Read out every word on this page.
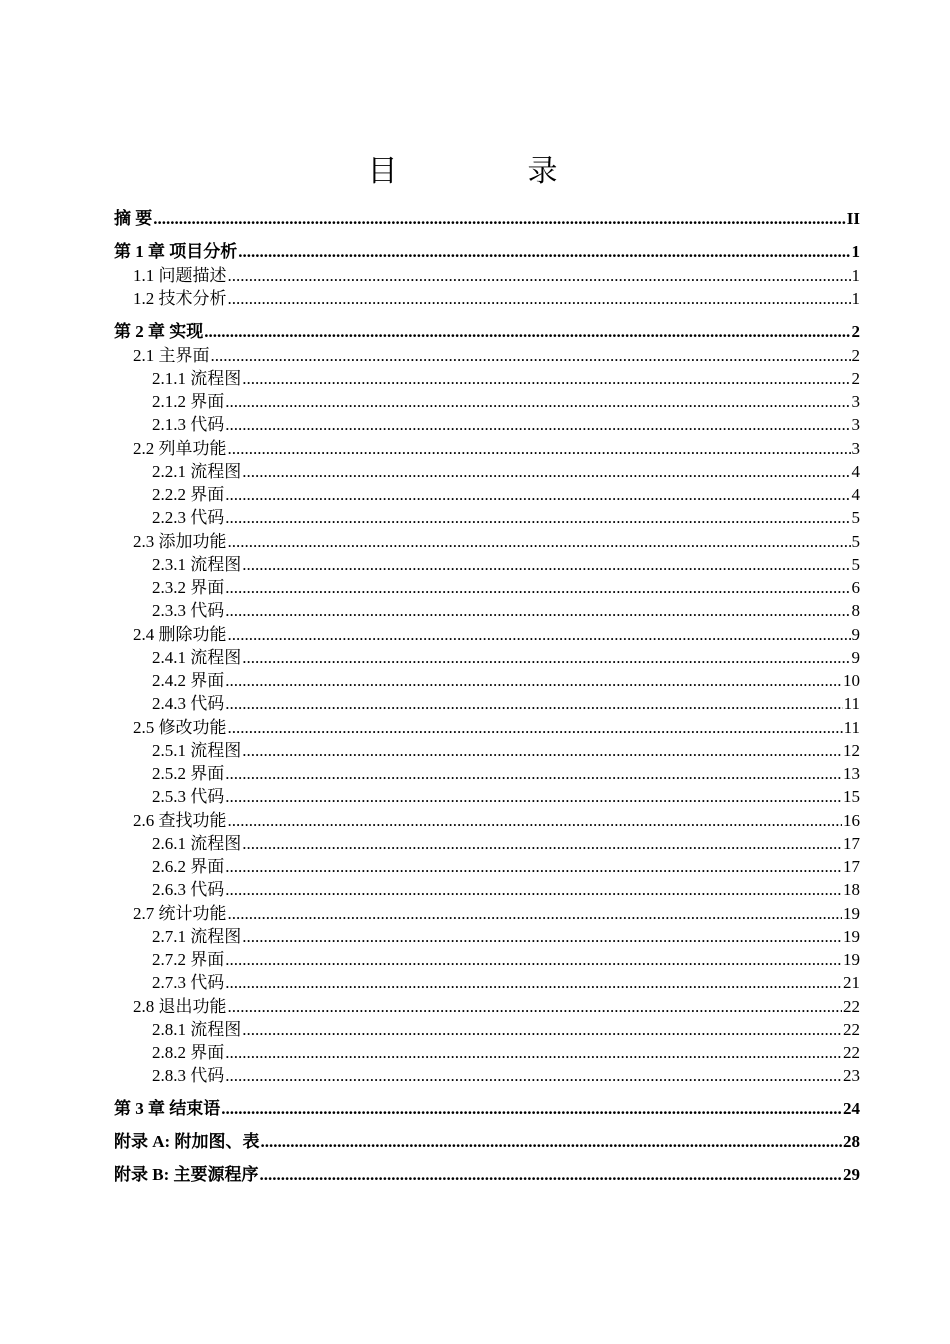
目　录
摘 要 .....	II
第 1 章 项目分析 .....	1
1.1 问题描述 .....	1
1.2 技术分析 .....	1
第 2 章 实现 .....	2
2.1 主界面 .....	2
2.1.1 流程图 .....	2
2.1.2 界面 .....	3
2.1.3 代码 .....	3
2.2 列单功能 .....	3
2.2.1 流程图 .....	4
2.2.2 界面 .....	4
2.2.3 代码 .....	5
2.3 添加功能 .....	5
2.3.1 流程图 .....	5
2.3.2 界面 .....	6
2.3.3 代码 .....	8
2.4 删除功能 .....	9
2.4.1 流程图 .....	9
2.4.2 界面 .....	10
2.4.3 代码 .....	11
2.5 修改功能 .....	11
2.5.1 流程图 .....	12
2.5.2 界面 .....	13
2.5.3 代码 .....	15
2.6 查找功能 .....	16
2.6.1 流程图 .....	17
2.6.2 界面 .....	17
2.6.3 代码 .....	18
2.7 统计功能 .....	19
2.7.1 流程图 .....	19
2.7.2 界面 .....	19
2.7.3 代码 .....	21
2.8 退出功能 .....	22
2.8.1 流程图 .....	22
2.8.2 界面 .....	22
2.8.3 代码 .....	23
第 3 章 结束语 .....	24
附录 A: 附加图、表 .....	28
附录 B: 主要源程序 .....	29
